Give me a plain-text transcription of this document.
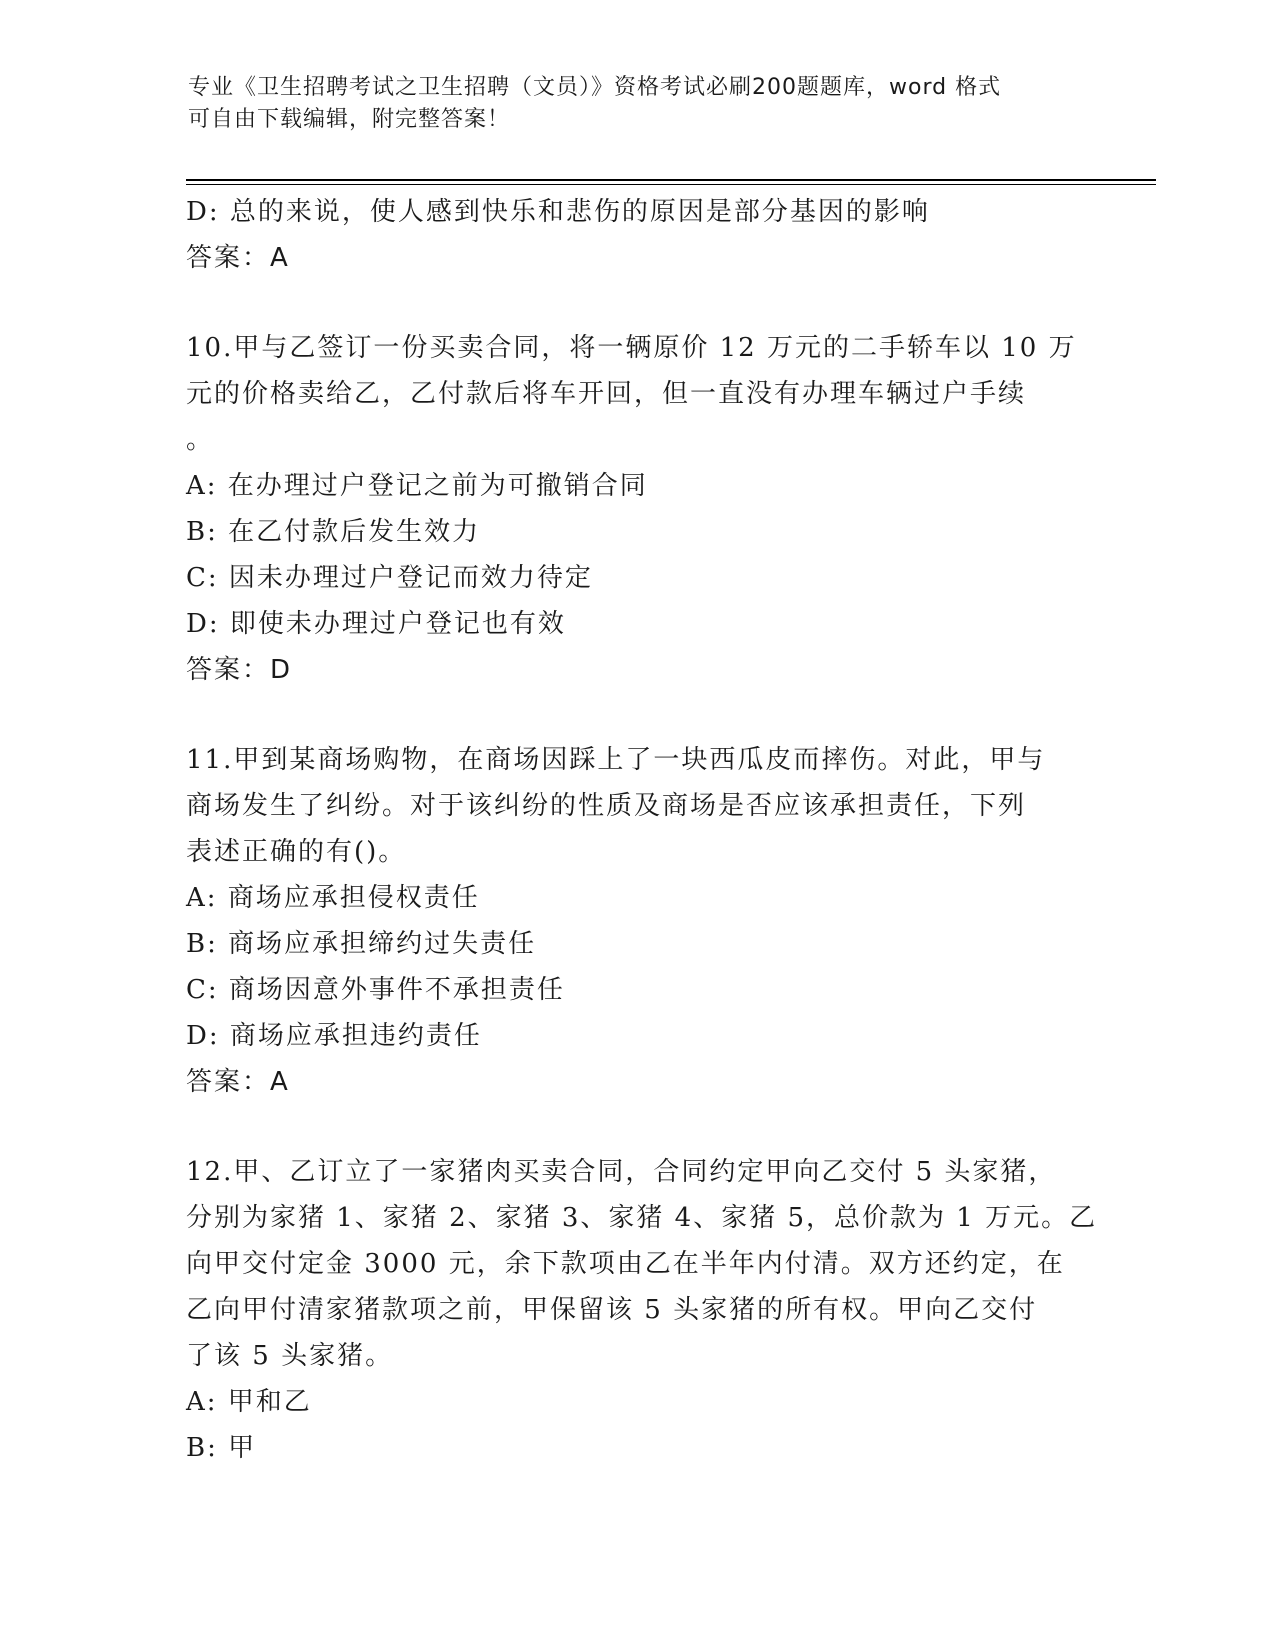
专业《卫生招聘考试之卫生招聘（文员）》资格考试必刷200题题库，word 格式
可自由下载编辑，附完整答案！
D: 总的来说，使人感到快乐和悲伤的原因是部分基因的影响
答案：A
10.甲与乙签订一份买卖合同，将一辆原价 12 万元的二手轿车以 10 万
元的价格卖给乙，乙付款后将车开回，但一直没有办理车辆过户手续
。
A: 在办理过户登记之前为可撤销合同
B: 在乙付款后发生效力
C: 因未办理过户登记而效力待定
D: 即使未办理过户登记也有效
答案：D
11.甲到某商场购物，在商场因踩上了一块西瓜皮而摔伤。对此，甲与
商场发生了纠纷。对于该纠纷的性质及商场是否应该承担责任，下列
表述正确的有()。
A: 商场应承担侵权责任
B: 商场应承担缔约过失责任
C: 商场因意外事件不承担责任
D: 商场应承担违约责任
答案：A
12.甲、乙订立了一家猪肉买卖合同，合同约定甲向乙交付 5 头家猪，
分别为家猪 1、家猪 2、家猪 3、家猪 4、家猪 5，总价款为 1 万元。乙
向甲交付定金 3000 元，余下款项由乙在半年内付清。双方还约定，在
乙向甲付清家猪款项之前，甲保留该 5 头家猪的所有权。甲向乙交付
了该 5 头家猪。
A: 甲和乙
B: 甲
